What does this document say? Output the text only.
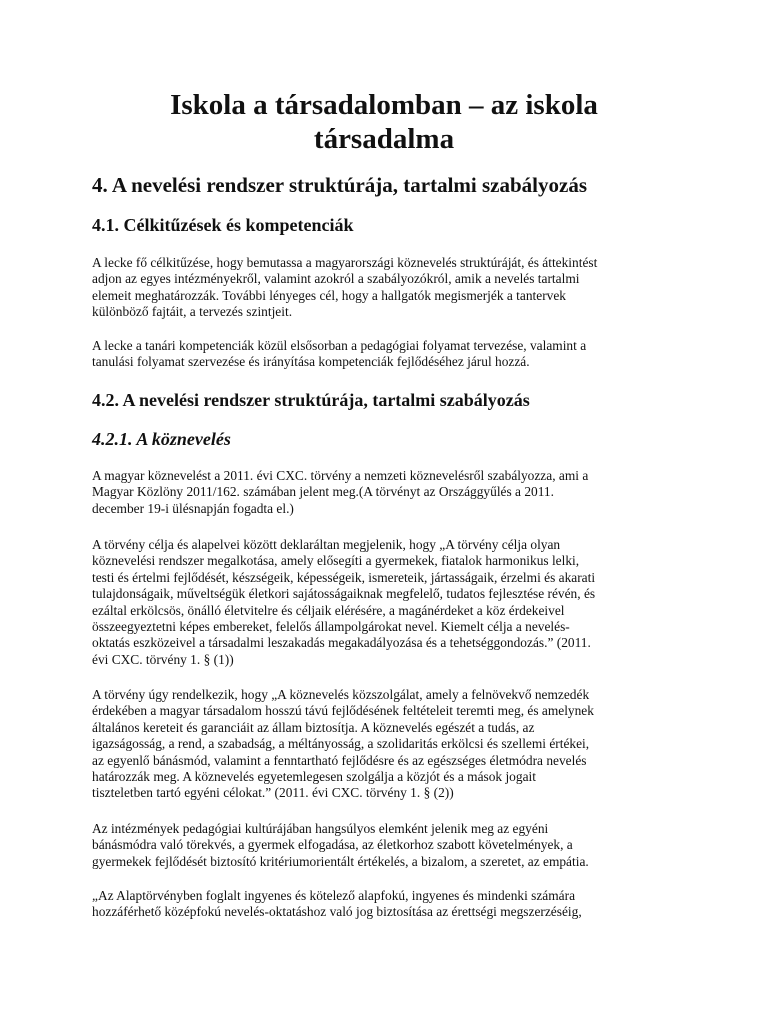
Iskola a társadalomban – az iskola
társadalma
4. A nevelési rendszer struktúrája, tartalmi szabályozás
4.1. Célkitűzések és kompetenciák

A lecke fő célkitűzése, hogy bemutassa a magyarországi köznevelés struktúráját, és áttekintést
adjon az egyes intézményekről, valamint azokról a szabályozókról, amik a nevelés tartalmi
elemeit meghatározzák. További lényeges cél, hogy a hallgatók megismerjék a tantervek
különböző fajtáit, a tervezés szintjeit.

A lecke a tanári kompetenciák közül elsősorban a pedagógiai folyamat tervezése, valamint a
tanulási folyamat szervezése és irányítása kompetenciák fejlődéséhez járul hozzá.

4.2. A nevelési rendszer struktúrája, tartalmi szabályozás
4.2.1. A köznevelés

A magyar köznevelést a 2011. évi CXC. törvény a nemzeti köznevelésről szabályozza, ami a
Magyar Közlöny 2011/162. számában jelent meg.(A törvényt az Országgyűlés a 2011.
december 19-i ülésnapján fogadta el.)

A törvény célja és alapelvei között deklaráltan megjelenik, hogy „A törvény célja olyan
köznevelési rendszer megalkotása, amely elősegíti a gyermekek, fiatalok harmonikus lelki,
testi és értelmi fejlődését, készségeik, képességeik, ismereteik, jártasságaik, érzelmi és akarati
tulajdonságaik, műveltségük életkori sajátosságaiknak megfelelő, tudatos fejlesztése révén, és
ezáltal erkölcsös, önálló életvitelre és céljaik elérésére, a magánérdeket a köz érdekeivel
összeegyeztetni képes embereket, felelős állampolgárokat nevel. Kiemelt célja a nevelés-
oktatás eszközeivel a társadalmi leszakadás megakadályozása és a tehetséggondozás.” (2011.
évi CXC. törvény 1. § (1))

A törvény úgy rendelkezik, hogy „A köznevelés közszolgálat, amely a felnövekvő nemzedék
érdekében a magyar társadalom hosszú távú fejlődésének feltételeit teremti meg, és amelynek
általános kereteit és garanciáit az állam biztosítja. A köznevelés egészét a tudás, az
igazságosság, a rend, a szabadság, a méltányosság, a szolidaritás erkölcsi és szellemi értékei,
az egyenlő bánásmód, valamint a fenntartható fejlődésre és az egészséges életmódra nevelés
határozzák meg. A köznevelés egyetemlegesen szolgálja a közjót és a mások jogait
tiszteletben tartó egyéni célokat.” (2011. évi CXC. törvény 1. § (2))

Az intézmények pedagógiai kultúrájában hangsúlyos elemként jelenik meg az egyéni
bánásmódra való törekvés, a gyermek elfogadása, az életkorhoz szabott követelmények, a
gyermekek fejlődését biztosító kritériumorientált értékelés, a bizalom, a szeretet, az empátia.

„Az Alaptörvényben foglalt ingyenes és kötelező alapfokú, ingyenes és mindenki számára
hozzáférhető középfokú nevelés-oktatáshoz való jog biztosítása az érettségi megszerzéséig,
